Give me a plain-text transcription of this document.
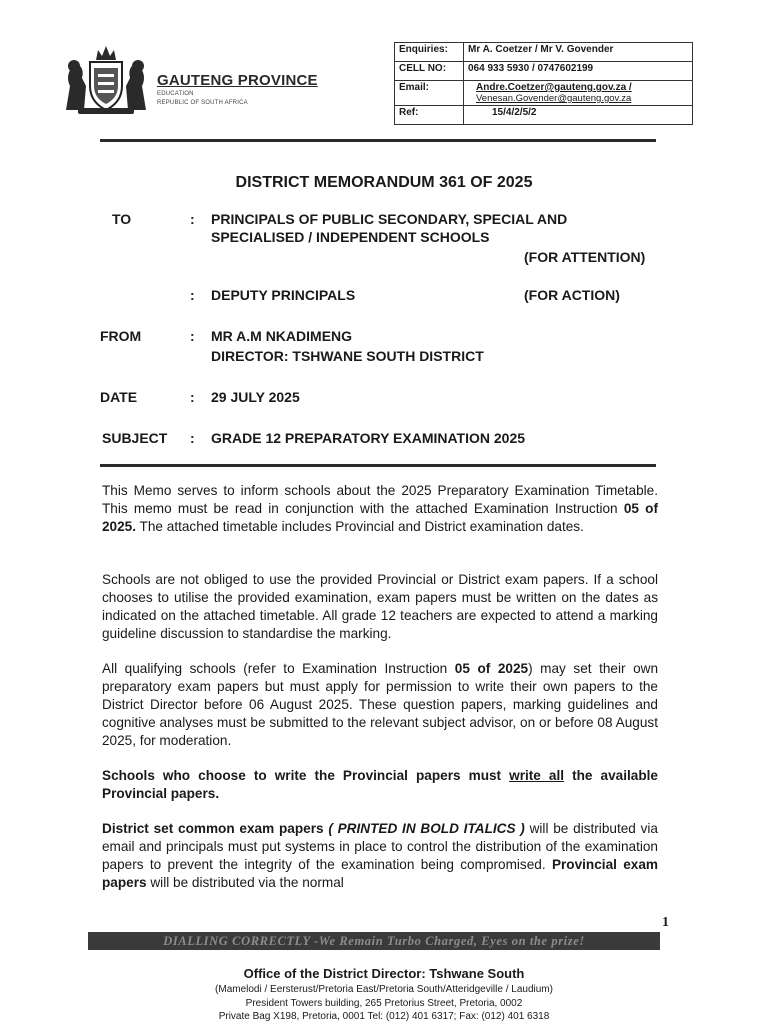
GAUTENG PROVINCE
EDUCATION
REPUBLIC OF SOUTH AFRICA
Enquiries:	Mr A. Coetzer / Mr V. Govender
CELL NO:	064 933 5930 / 0747602199
Email:	Andre.Coetzer@gauteng.gov.za /
Venesan.Govender@gauteng.gov.za

Ref:	15/4/2/5/2
DISTRICT MEMORANDUM 361 OF 2025
TO	: PRINCIPALS OF PUBLIC SECONDARY, SPECIAL AND
SPECIALISED / INDEPENDENT SCHOOLS
(FOR ATTENTION)
: DEPUTY PRINCIPALS	(FOR ACTION)
FROM	: MR A.M NKADIMENG
DIRECTOR: TSHWANE SOUTH DISTRICT
DATE	: 29 JULY 2025
SUBJECT : GRADE 12 PREPARATORY EXAMINATION 2025
This Memo serves to inform schools about the 2025 Preparatory Examination Timetable. This memo must be read in conjunction with the attached Examination Instruction 05 of 2025. The attached timetable includes Provincial and District examination dates.
Schools are not obliged to use the provided Provincial or District exam papers. If a school chooses to utilise the provided examination, exam papers must be written on the dates as indicated on the attached timetable. All grade 12 teachers are expected to attend a marking guideline discussion to standardise the marking.
All qualifying schools (refer to Examination Instruction 05 of 2025) may set their own preparatory exam papers but must apply for permission to write their own papers to the District Director before 06 August 2025. These question papers, marking guidelines and cognitive analyses must be submitted to the relevant subject advisor, on or before 08 August 2025, for moderation.
Schools who choose to write the Provincial papers must write all the available Provincial papers.
District set common exam papers ( PRINTED IN BOLD ITALICS ) will be distributed via email and principals must put systems in place to control the distribution of the examination papers to prevent the integrity of the examination being compromised. Provincial exam papers will be distributed via the normal
1
DIALLING CORRECTLY -We Remain Turbo Charged, Eyes on the prize!
Office of the District Director: Tshwane South
(Mamelodi / Eersterust/Pretoria East/Pretoria South/Atteridgeville / Laudium)
President Towers building, 265 Pretorius Street, Pretoria, 0002
Private Bag X198, Pretoria, 0001 Tel: (012) 401 6317; Fax: (012) 401 6318
